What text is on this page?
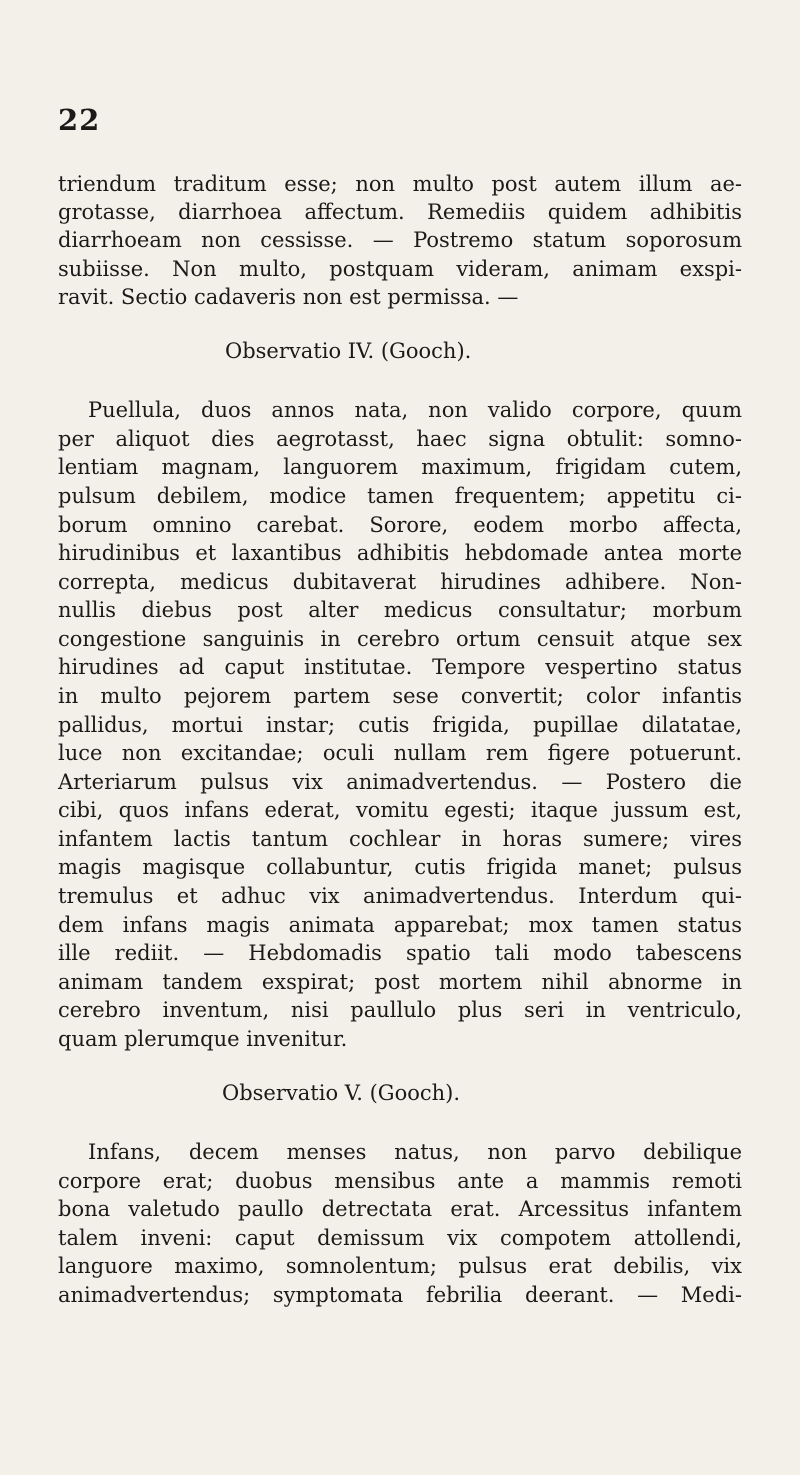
22
triendum traditum esse; non multo post autem illum ae-
grotasse, diarrhoea affectum. Remediis quidem adhibitis
diarrhoeam non cessisse. — Postremo statum soporosum
subiisse. Non multo, postquam videram, animam exspi-
ravit. Sectio cadaveris non est permissa. —
Observatio IV. (Gooch).
Puellula, duos annos nata, non valido corpore, quum
per aliquot dies aegrotasst, haec signa obtulit: somno-
lentiam magnam, languorem maximum, frigidam cutem,
pulsum debilem, modice tamen frequentem; appetitu ci-
borum omnino carebat. Sorore, eodem morbo affecta,
hirudinibus et laxantibus adhibitis hebdomade antea morte
correpta, medicus dubitaverat hirudines adhibere. Non-
nullis diebus post alter medicus consultatur; morbum
congestione sanguinis in cerebro ortum censuit atque sex
hirudines ad caput institutae. Tempore vespertino status
in multo pejorem partem sese convertit; color infantis
pallidus, mortui instar; cutis frigida, pupillae dilatatae,
luce non excitandae; oculi nullam rem figere potuerunt.
Arteriarum pulsus vix animadvertendus. — Postero die
cibi, quos infans ederat, vomitu egesti; itaque jussum est,
infantem lactis tantum cochlear in horas sumere; vires
magis magisque collabuntur, cutis frigida manet; pulsus
tremulus et adhuc vix animadvertendus. Interdum qui-
dem infans magis animata apparebat; mox tamen status
ille rediit. — Hebdomadis spatio tali modo tabescens
animam tandem exspirat; post mortem nihil abnorme in
cerebro inventum, nisi paullulo plus seri in ventriculo,
quam plerumque invenitur.
Observatio V. (Gooch).
Infans, decem menses natus, non parvo debilique
corpore erat; duobus mensibus ante a mammis remoti
bona valetudo paullo detrectata erat. Arcessitus infantem
talem inveni: caput demissum vix compotem attollendi,
languore maximo, somnolentum; pulsus erat debilis, vix
animadvertendus; symptomata febrilia deerant. — Medi-
